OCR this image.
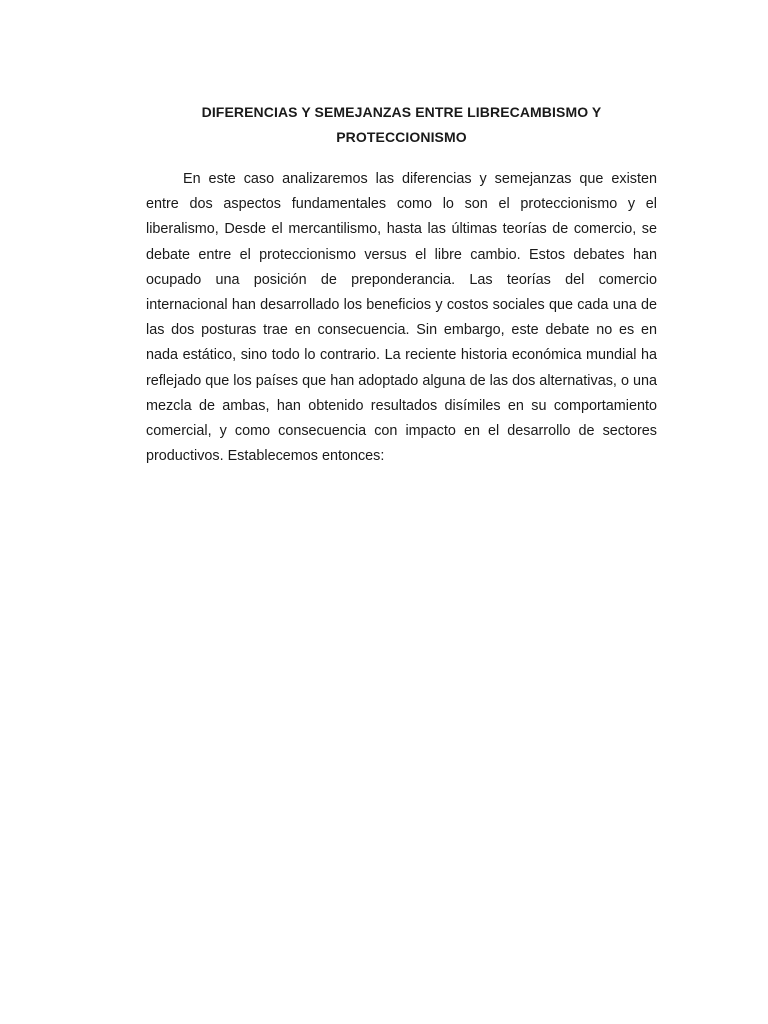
DIFERENCIAS Y SEMEJANZAS ENTRE LIBRECAMBISMO Y
PROTECCIONISMO

En este caso analizaremos las diferencias y semejanzas que existen entre dos aspectos fundamentales como lo son el proteccionismo y el liberalismo, Desde el mercantilismo, hasta las últimas teorías de comercio, se debate entre el proteccionismo versus el libre cambio. Estos debates han ocupado una posición de preponderancia. Las teorías del comercio internacional han desarrollado los beneficios y costos sociales que cada una de las dos posturas trae en consecuencia. Sin embargo, este debate no es en nada estático, sino todo lo contrario. La reciente historia económica mundial ha reflejado que los países que han adoptado alguna de las dos alternativas, o una mezcla de ambas, han obtenido resultados disímiles en su comportamiento comercial, y como consecuencia con impacto en el desarrollo de sectores productivos. Establecemos entonces:
